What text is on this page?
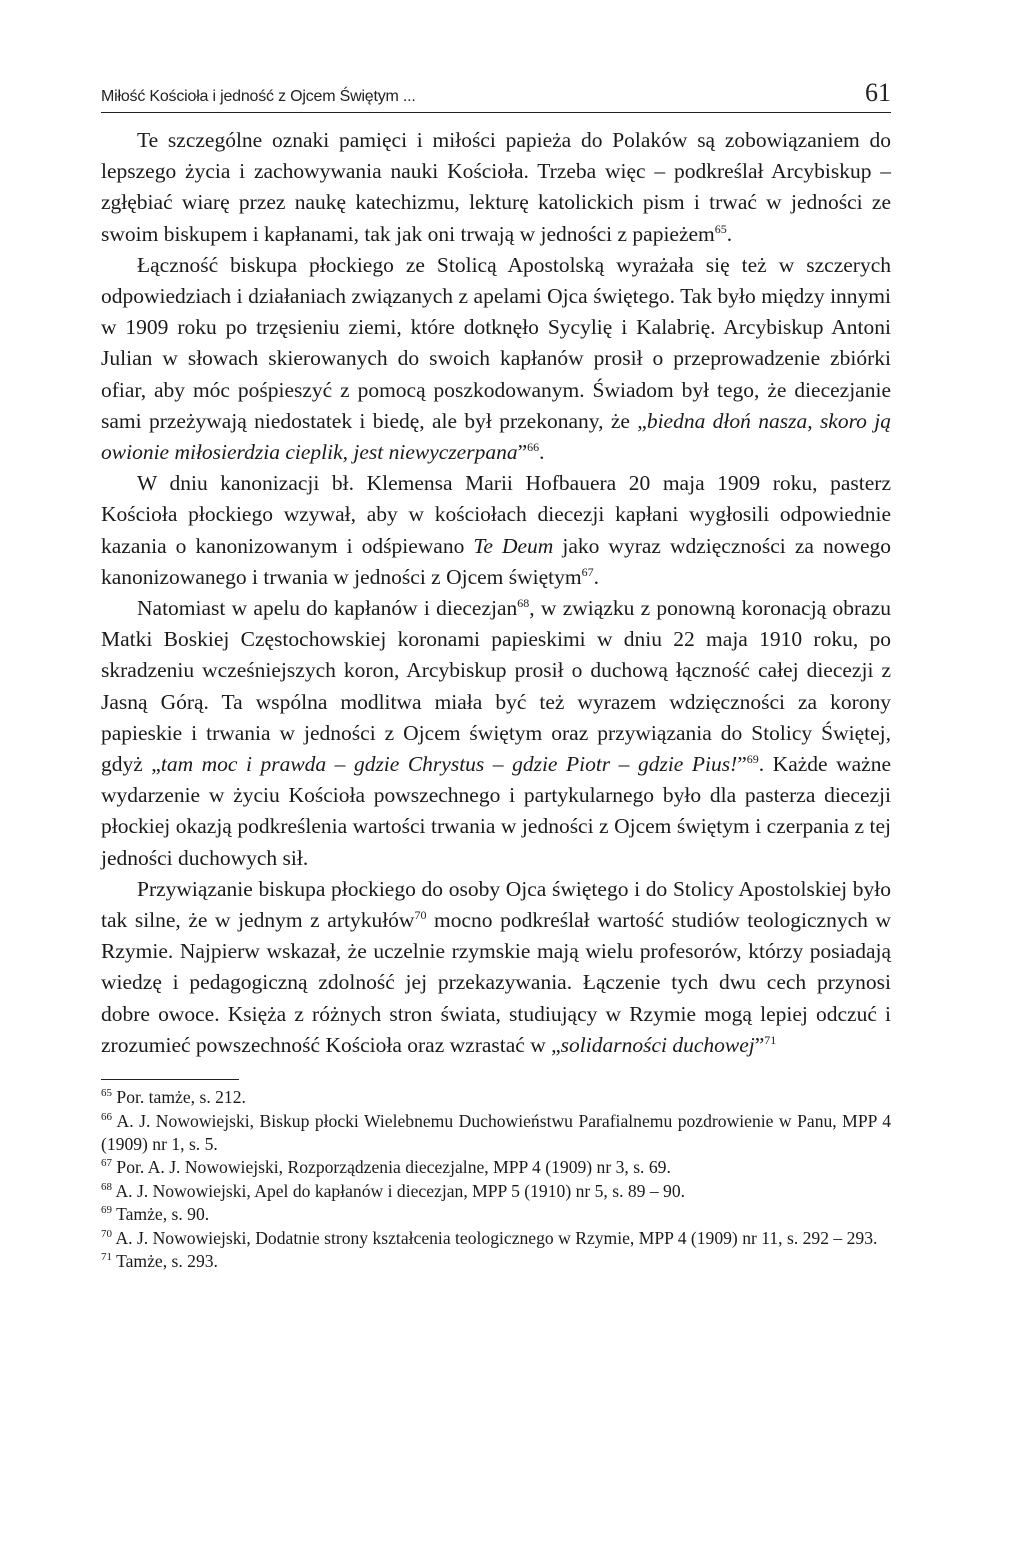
Miłość Kościoła i jedność z Ojcem Świętym ...	61

Te szczególne oznaki pamięci i miłości papieża do Polaków są zobowiązaniem do lepszego życia i zachowywania nauki Kościoła. Trzeba więc – podkreślał Arcybiskup – zgłębiać wiarę przez naukę katechizmu, lekturę katolickich pism i trwać w jedności ze swoim biskupem i kapłanami, tak jak oni trwają w jedności z papieżem$^{65}$.

Łączność biskupa płockiego ze Stolicą Apostolską wyrażała się też w szczerych odpowiedziach i działaniach związanych z apelami Ojca świętego. Tak było między innymi w 1909 roku po trzęsieniu ziemi, które dotknęło Sycylię i Kalabrię. Arcybiskup Antoni Julian w słowach skierowanych do swoich kapłanów prosił o przeprowadzenie zbiórki ofiar, aby móc pośpieszyć z pomocą poszkodowanym. Świadom był tego, że diecezjanie sami przeżywają niedostatek i biedę, ale był przekonany, że „biedna dłoń nasza, skoro ją owionie miłosierdzia cieplik, jest niewyczerpana”$^{66}$.

W dniu kanonizacji bł. Klemensa Marii Hofbauera 20 maja 1909 roku, pasterz Kościoła płockiego wzywał, aby w kościołach diecezji kapłani wygłosili odpowiednie kazania o kanonizowanym i odśpiewano Te Deum jako wyraz wdzięczności za nowego kanonizowanego i trwania w jedności z Ojcem świętym$^{67}$.

Natomiast w apelu do kapłanów i diecezjan$^{68}$, w związku z ponowną koronacją obrazu Matki Boskiej Częstochowskiej koronami papieskimi w dniu 22 maja 1910 roku, po skradzeniu wcześniejszych koron, Arcybiskup prosił o duchową łączność całej diecezji z Jasną Górą. Ta wspólna modlitwa miała być też wyrazem wdzięczności za korony papieskie i trwania w jedności z Ojcem świętym oraz przywiązania do Stolicy Świętej, gdyż „tam moc i prawda – gdzie Chrystus – gdzie Piotr – gdzie Pius!”$^{69}$. Każde ważne wydarzenie w życiu Kościoła powszechnego i partykularnego było dla pasterza diecezji płockiej okazją podkreślenia wartości trwania w jedności z Ojcem świętym i czerpania z tej jedności duchowych sił.

Przywiązanie biskupa płockiego do osoby Ojca świętego i do Stolicy Apostolskiej było tak silne, że w jednym z artykułów$^{70}$ mocno podkreślał wartość studiów teologicznych w Rzymie. Najpierw wskazał, że uczelnie rzymskie mają wielu profesorów, którzy posiadają wiedzę i pedagogiczną zdolność jej przekazywania. Łączenie tych dwu cech przynosi dobre owoce. Księża z różnych stron świata, studiujący w Rzymie mogą lepiej odczuć i zrozumieć powszechność Kościoła oraz wzrastać w „solidarności duchowej”$^{71}$

$^{65}$ Por. tamże, s. 212.

$^{66}$ A. J. Nowowiejski, Biskup płocki Wielebnemu Duchowieństwu Parafialnemu pozdrowienie w Panu, MPP 4 (1909) nr 1, s. 5.

$^{67}$ Por. A. J. Nowowiejski, Rozporządzenia diecezjalne, MPP 4 (1909) nr 3, s. 69.

$^{68}$ A. J. Nowowiejski, Apel do kapłanów i diecezjan, MPP 5 (1910) nr 5, s. 89 – 90.

$^{69}$ Tamże, s. 90.

$^{70}$ A. J. Nowowiejski, Dodatnie strony kształcenia teologicznego w Rzymie, MPP 4 (1909) nr 11, s. 292 – 293.

$^{71}$ Tamże, s. 293.
